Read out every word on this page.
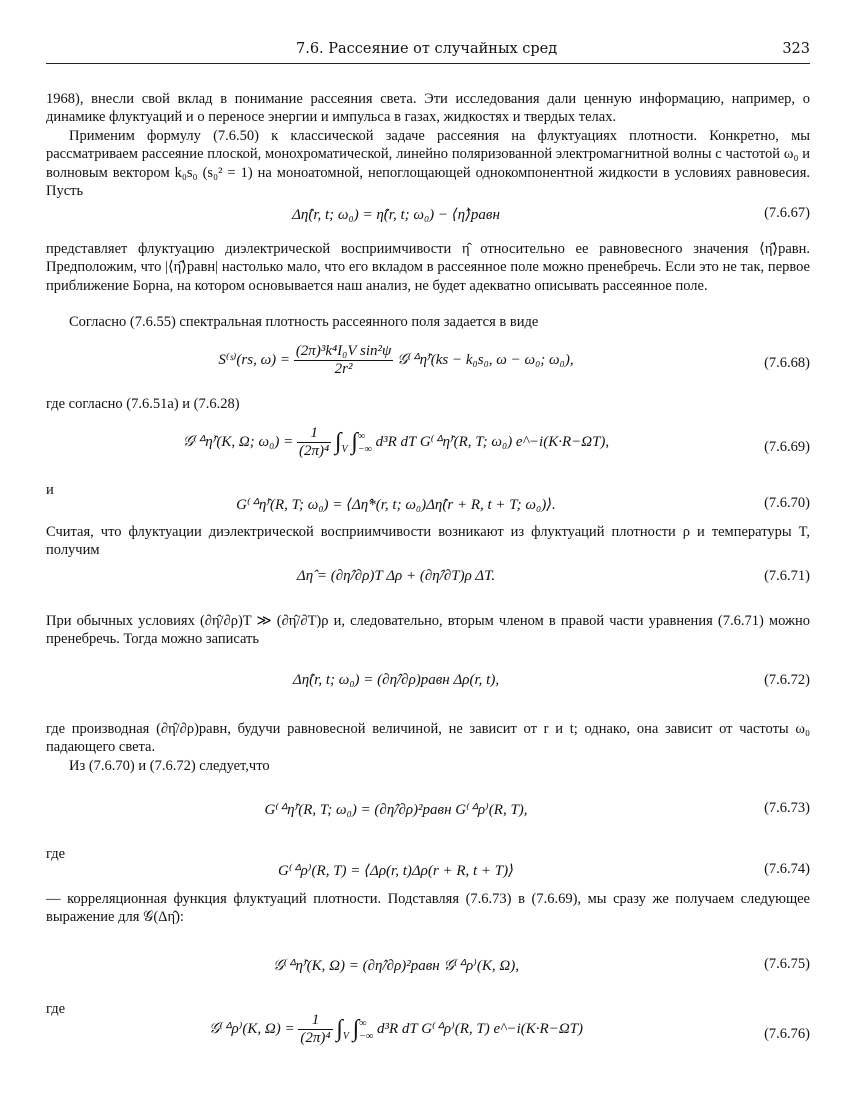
7.6. Рассеяние от случайных сред	323

1968), внесли свой вклад в понимание рассеяния света. Эти исследования дали ценную информацию, например, о динамике флуктуаций и о переносе энергии и импульса в газах, жидкостях и твердых телах.

Применим формулу (7.6.50) к классической задаче рассеяния на флуктуациях плотности. Конкретно, мы рассматриваем рассеяние плоской, монохроматической, линейно поляризованной электромагнитной волны с частотой ω₀ и волновым вектором k₀s₀ (s₀² = 1) на моноатомной, непоглощающей однокомпонентной жидкости в условиях равновесия. Пусть

Δη̂(r, t; ω₀) = η̂(r, t; ω₀) − ⟨η̂⟩равн	(7.6.67)

представляет флуктуацию диэлектрической восприимчивости η̂ относительно ее равновесного значения ⟨η̂⟩равн. Предположим, что |⟨η̂⟩равн| настолько мало, что его вкладом в рассеянное поле можно пренебречь. Если это не так, первое приближение Борна, на котором основывается наш анализ, не будет адекватно описывать рассеянное поле.

Согласно (7.6.55) спектральная плотность рассеянного поля задается в виде

S⁽ˢ⁾(rs, $\omega) = \frac{\text{(2π)³k⁴I₀V sin²ψ}}{\text{2r²}}$ 𝒢⁽ᐞη̂⁾(ks − k₀s₀, ω − ω₀; ω₀),	(7.6.68)

где согласно (7.6.51a) и (7.6.28)

𝒢⁽ᐞη̂⁾(K, Ω; $\omega_0) = \frac{1}{\text{(2π)⁴}}$ ∫
V ∫∞
−∞ d³R dT G⁽ᐞη̂⁾(R, T; ω₀) e^−i(K·R−ΩT),	(7.6.69)

и

G⁽ᐞη̂⁾(R, T; ω₀) = ⟨Δη̂*(r, t; ω₀)Δη̂(r + R, t + T; ω₀)⟩.	(7.6.70)

Считая, что флуктуации диэлектрической восприимчивости возникают из флуктуаций плотности ρ и температуры T, получим

Δη̂ = (∂η̂/∂ρ)T Δρ + (∂η̂/∂T)ρ ΔT.	(7.6.71)

При обычных условиях (∂η̂/∂ρ)T ≫ (∂η̂/∂T)ρ и, следовательно, вторым членом в правой части уравнения (7.6.71) можно пренебречь. Тогда можно записать

Δη̂(r, t; ω₀) = (∂η̂/∂ρ)равн Δρ(r, t),	(7.6.72)

где производная (∂η̂/∂ρ)равн, будучи равновесной величиной, не зависит от r и t; однако, она зависит от частоты ω₀ падающего света.

Из (7.6.70) и (7.6.72) следует,что

G⁽ᐞη̂⁾(R, T; ω₀) = (∂η̂/∂ρ)²равн G⁽ᐞρ⁾(R, T),	(7.6.73)

где

G⁽ᐞρ⁾(R, T) = ⟨Δρ(r, t)Δρ(r + R, t + T)⟩	(7.6.74)

— корреляционная функция флуктуаций плотности. Подставляя (7.6.73) в (7.6.69), мы сразу же получаем следующее выражение для 𝒢(Δη̂):

𝒢⁽ᐞη̂⁾(K, Ω) = (∂η̂/∂ρ)²равн 𝒢⁽ᐞρ⁾(K, Ω),	(7.6.75)

где

𝒢⁽ᐞρ⁾(K, $\Omega) = \frac{1}{\text{(2π)⁴}}$ ∫
V ∫∞
−∞ d³R dT G⁽ᐞρ⁾(R, T) e^−i(K·R−ΩT)	(7.6.76)
